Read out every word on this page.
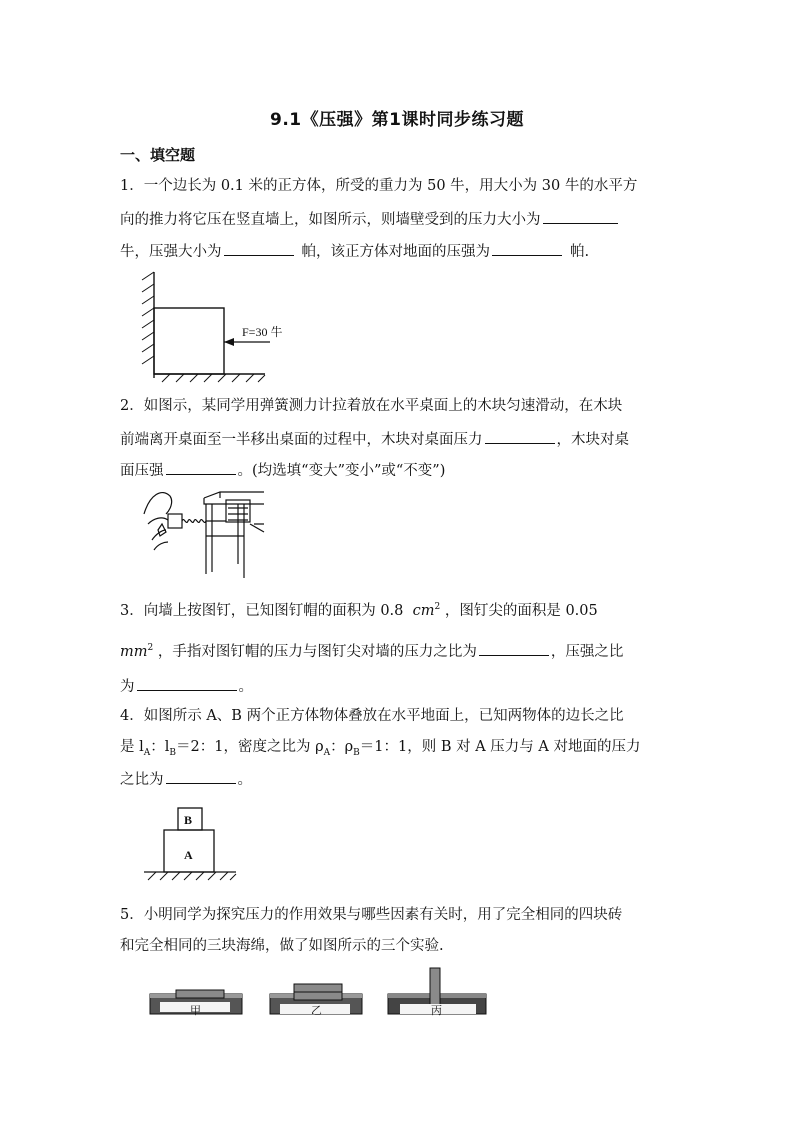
9.1《压强》第1课时同步练习题
一、填空题
1．一个边长为 0.1 米的正方体，所受的重力为 50 牛，用大小为 30 牛的水平方
向的推力将它压在竖直墙上，如图所示，则墙壁受到的压力大小为
牛，压强大小为	帕，该正方体对地面的压强为	帕.
F=30 牛
2．如图示，某同学用弹簧测力计拉着放在水平桌面上的木块匀速滑动，在木块
前端离开桌面至一半移出桌面的过程中，木块对桌面压力	，木块对桌
面压强	。(均选填“变大”变小”或“不变”)
3．向墙上按图钉，已知图钉帽的面积为 0.8 $cm^2$ ，图钉尖的面积是 0.05
$mm^2$ ，手指对图钉帽的压力与图钉尖对墙的压力之比为	，压强之比
为	。
4．如图所示 A、B 两个正方体物体叠放在水平地面上，已知两物体的边长之比
是 $l_A$：$l_B=2$：1，密度之比为 $\rho_A$：$\rho_B=1$：1，则 B 对 A 压力与 A 对地面的压力
之比为	。
B
A
5．小明同学为探究压力的作用效果与哪些因素有关时，用了完全相同的四块砖
和完全相同的三块海绵，做了如图所示的三个实验.
甲	乙	丙
